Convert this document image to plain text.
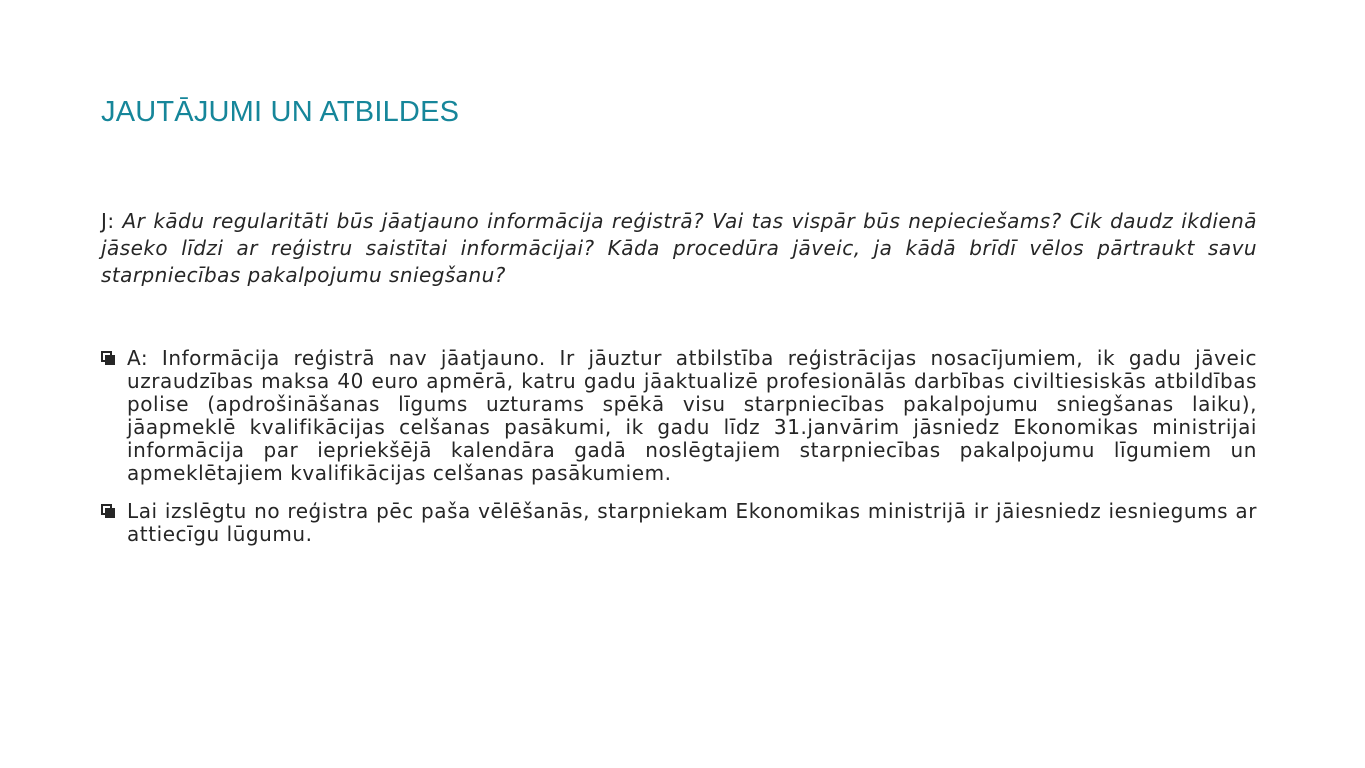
JAUTĀJUMI UN ATBILDES
J: Ar kādu regularitāti būs jāatjauno informācija reģistrā? Vai tas vispār būs nepieciešams? Cik daudz ikdienā jāseko līdzi ar reģistru saistītai informācijai? Kāda procedūra jāveic, ja kādā brīdī vēlos pārtraukt savu starpniecības pakalpojumu sniegšanu?
A: Informācija reģistrā nav jāatjauno. Ir jāuztur atbilstība reģistrācijas nosacījumiem, ik gadu jāveic uzraudzības maksa 40 euro apmērā, katru gadu jāaktualizē profesionālās darbības civiltiesiskās atbildības polise (apdrošināšanas līgums uzturams spēkā visu starpniecības pakalpojumu sniegšanas laiku), jāapmeklē kvalifikācijas celšanas pasākumi, ik gadu līdz 31.janvārim jāsniedz Ekonomikas ministrijai informācija par iepriekšējā kalendāra gadā noslēgtajiem starpniecības pakalpojumu līgumiem un apmeklētajiem kvalifikācijas celšanas pasākumiem.
Lai izslēgtu no reģistra pēc paša vēlēšanās, starpniekam Ekonomikas ministrijā ir jāiesniedz iesniegums ar attiecīgu lūgumu.
